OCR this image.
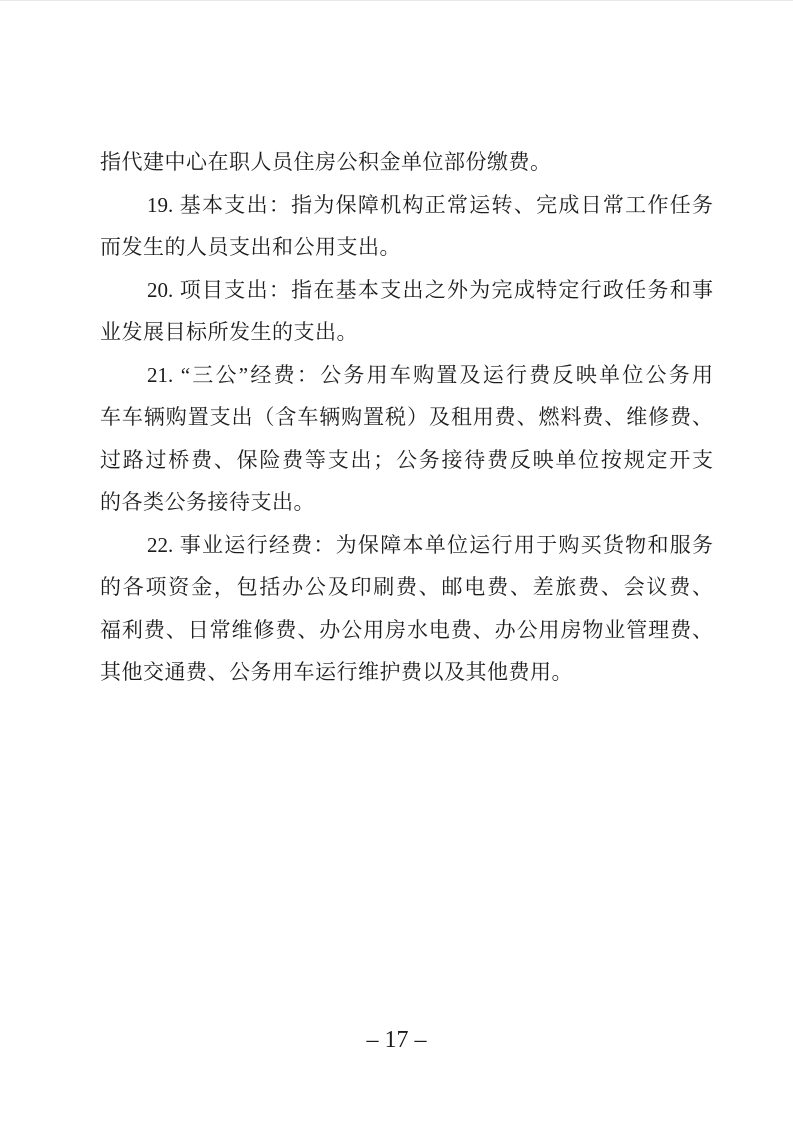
指代建中心在职人员住房公积金单位部份缴费。
19. 基本支出：指为保障机构正常运转、完成日常工作任务
而发生的人员支出和公用支出。
20. 项目支出：指在基本支出之外为完成特定行政任务和事
业发展目标所发生的支出。
21. “三公”经费：公务用车购置及运行费反映单位公务用
车车辆购置支出（含车辆购置税）及租用费、燃料费、维修费、
过路过桥费、保险费等支出；公务接待费反映单位按规定开支
的各类公务接待支出。
22. 事业运行经费：为保障本单位运行用于购买货物和服务
的各项资金，包括办公及印刷费、邮电费、差旅费、会议费、
福利费、日常维修费、办公用房水电费、办公用房物业管理费、
其他交通费、公务用车运行维护费以及其他费用。
– 17 –
